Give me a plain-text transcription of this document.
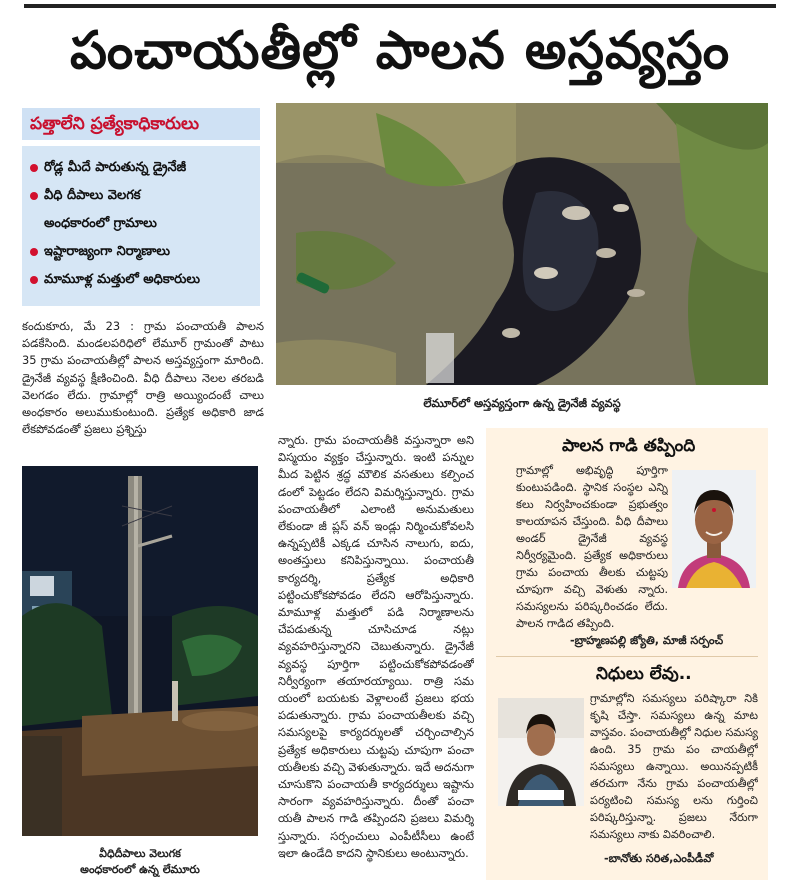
పంచాయతీల్లో పాలన అస్తవ్యస్తం
పత్తాలేని ప్రత్యేకాధికారులు
రోడ్ల మీదే పారుతున్న డ్రైనేజీ
వీధి దీపాలు వెలగక
అంధకారంలో గ్రామాలు
ఇష్టారాజ్యంగా నిర్మాణాలు
మామూళ్ల మత్తులో అధికారులు

కందుకూరు, మే 23 : గ్రామ పంచాయతీ పాలన పడకేసింది. మండలపరిధిలో లేమూర్ గ్రామంతో పాటు 35 గ్రామ పంచాయతీల్లో పాలన అస్తవ్యస్తంగా మారింది. డ్రైనేజీ వ్యవస్థ క్షీణించింది. వీధి దీపాలు నెలల తరబడి వెలగడం లేదు. గ్రామాల్లో రాత్రి అయ్యిందంటే చాలు అంధకారం అలుముకుంటుంది. ప్రత్యేక అధికారి జాడ లేకపోవడంతో ప్రజలు ప్రశ్నిస్తు

లేమూర్‌లో అస్తవ్యస్తంగా ఉన్న డ్రైనేజీ వ్యవస్థ
వీధిదీపాలు వెలుగక
అంధకారంలో ఉన్న లేమూరు

న్నారు. గ్రామ పంచాయతీకి వస్తున్నారా అని విస్మయం వ్యక్తం చేస్తున్నారు. ఇంటి పన్నుల మీద పెట్టిన శ్రద్ధ మౌలిక వసతులు కల్పించ డంలో పెట్టడం లేదని విమర్శిస్తున్నారు. గ్రామ పంచాయతీలో ఎలాంటి అనుమతులు లేకుండా జీ ప్లస్ వన్ ఇండ్లు నిర్మించుకోవలసి ఉన్నప్పటికీ ఎక్కడ చూసిన నాలుగు, ఐదు, అంతస్తులు కనిపిస్తున్నాయి. పంచాయతీ కార్యదర్శి, ప్రత్యేక అధికారి పట్టించుకోకపోవడం లేదని ఆరోపిస్తున్నారు. మామూళ్ల మత్తులో పడి నిర్మాణాలను చేపడుతున్న చూసిచూడ నట్లు వ్యవహరిస్తున్నారని చెబుతున్నారు. డ్రైనేజీ వ్యవస్థ పూర్తిగా పట్టించుకోకపోవడంతో నిర్వీర్యంగా తయారయ్యాయి. రాత్రి సమ యంలో బయటకు వెళ్లాలంటే ప్రజలు భయ పడుతున్నారు. గ్రామ పంచాయతీలకు వచ్చి సమస్యలపై కార్యదర్శులతో చర్చించాల్సిన ప్రత్యేక అధికారులు చుట్టపు చూపుగా పంచా యతీలకు వచ్చి వెళుతున్నారు. ఇదే అదనుగా చూసుకొని పంచాయతీ కార్యదర్శులు ఇష్టాను సారంగా వ్యవహరిస్తున్నారు. దీంతో పంచా యతీ పాలన గాడి తప్పిందని ప్రజలు విమర్శి స్తున్నారు. సర్పంచులు ఎంపీటీసీలు ఉంటే ఇలా ఉండేది కాదని స్థానికులు అంటున్నారు.

పాలన గాడి తప్పింది

గ్రామాల్లో అభివృద్ధి పూర్తిగా కుంటుపడింది. స్థానిక సంస్థల ఎన్ని కలు నిర్వహించకుండా ప్రభుత్వం కాలయాపన చేస్తుంది. వీధి దీపాలు అండర్ డ్రైనేజీ వ్యవస్థ నిర్వీర్యమైంది. ప్రత్యేక అధికారులు గ్రామ పంచాయ తీలకు చుట్టపు చూపుగా వచ్చి వెళుతు న్నారు. సమస్యలను పరిష్కరించడం లేదు. పాలన గాడిద తప్పింది.

-బ్రాహ్మణపల్లి జ్యోతి, మాజీ సర్పంచ్
నిధులు లేవు..

గ్రామాల్లోని సమస్యలు పరిష్కారా నికి కృషి చేస్తా. సమస్యలు ఉన్న మాట వాస్తవం. పంచాయతీల్లో నిధుల సమస్య ఉంది. 35 గ్రామ పం చాయతీల్లో సమస్యలు ఉన్నాయి. అయినప్పటికీ తరచుగా నేను గ్రామ పంచాయతీల్లో పర్యటించి సమస్య లను గుర్తించి పరిష్కరిస్తున్నా. ప్రజలు నేరుగా సమస్యలు నాకు వివరించాలి.

-బానోతు సరిత,ఎంపీడీవో
